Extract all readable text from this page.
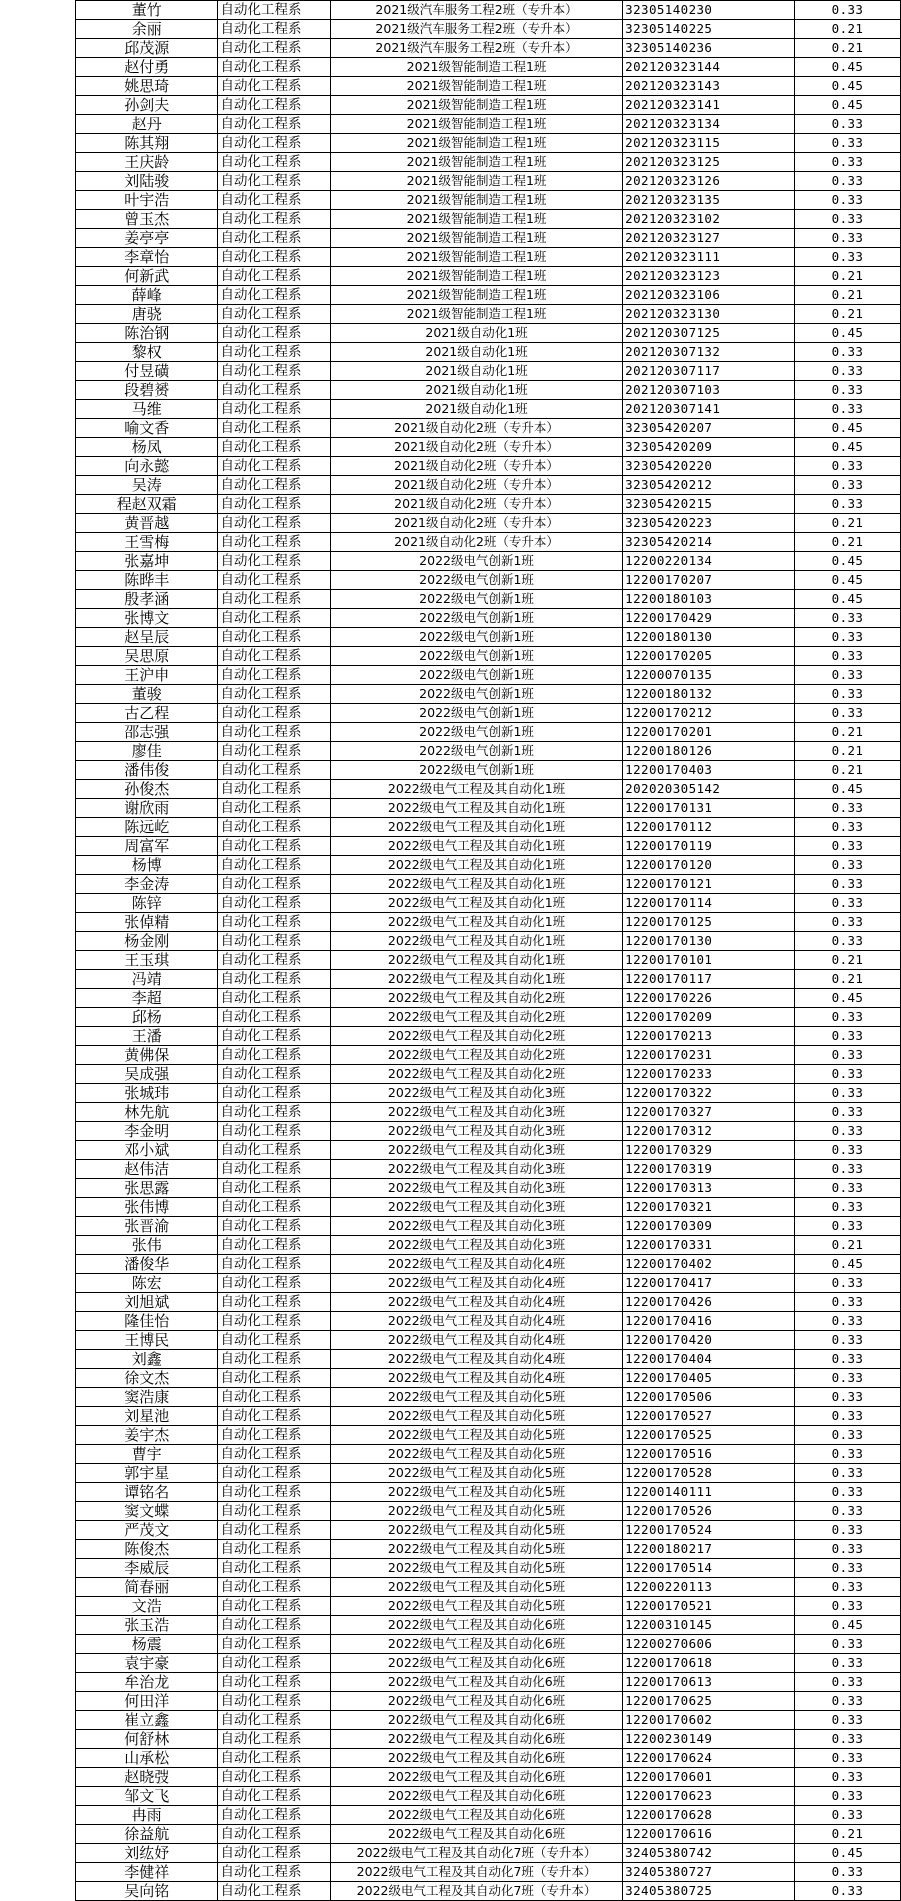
董竹	自动化工程系	2021级汽车服务工程2班（专升本）	32305140230	0.33
余丽	自动化工程系	2021级汽车服务工程2班（专升本）	32305140225	0.21
邱茂源	自动化工程系	2021级汽车服务工程2班（专升本）	32305140236	0.21
赵付勇	自动化工程系	2021级智能制造工程1班	202120323144	0.45
姚思琦	自动化工程系	2021级智能制造工程1班	202120323143	0.45
孙剑夫	自动化工程系	2021级智能制造工程1班	202120323141	0.45
赵丹	自动化工程系	2021级智能制造工程1班	202120323134	0.33
陈其翔	自动化工程系	2021级智能制造工程1班	202120323115	0.33
王庆龄	自动化工程系	2021级智能制造工程1班	202120323125	0.33
刘陆骏	自动化工程系	2021级智能制造工程1班	202120323126	0.33
叶宇浩	自动化工程系	2021级智能制造工程1班	202120323135	0.33
曾玉杰	自动化工程系	2021级智能制造工程1班	202120323102	0.33
姜亭亭	自动化工程系	2021级智能制造工程1班	202120323127	0.33
李章怡	自动化工程系	2021级智能制造工程1班	202120323111	0.33
何新武	自动化工程系	2021级智能制造工程1班	202120323123	0.21
薛峰	自动化工程系	2021级智能制造工程1班	202120323106	0.21
唐骁	自动化工程系	2021级智能制造工程1班	202120323130	0.21
陈治钢	自动化工程系	2021级自动化1班	202120307125	0.45
黎权	自动化工程系	2021级自动化1班	202120307132	0.33
付昱磺	自动化工程系	2021级自动化1班	202120307117	0.33
段碧赟	自动化工程系	2021级自动化1班	202120307103	0.33
马维	自动化工程系	2021级自动化1班	202120307141	0.33
喻文香	自动化工程系	2021级自动化2班（专升本）	32305420207	0.45
杨凤	自动化工程系	2021级自动化2班（专升本）	32305420209	0.45
向永懿	自动化工程系	2021级自动化2班（专升本）	32305420220	0.33
吴涛	自动化工程系	2021级自动化2班（专升本）	32305420212	0.33
程赵双霜	自动化工程系	2021级自动化2班（专升本）	32305420215	0.33
黄晋越	自动化工程系	2021级自动化2班（专升本）	32305420223	0.21
王雪梅	自动化工程系	2021级自动化2班（专升本）	32305420214	0.21
张嘉坤	自动化工程系	2022级电气创新1班	12200220134	0.45
陈晔丰	自动化工程系	2022级电气创新1班	12200170207	0.45
殷孝涵	自动化工程系	2022级电气创新1班	12200180103	0.45
张博文	自动化工程系	2022级电气创新1班	12200170429	0.33
赵呈辰	自动化工程系	2022级电气创新1班	12200180130	0.33
吴思原	自动化工程系	2022级电气创新1班	12200170205	0.33
王沪申	自动化工程系	2022级电气创新1班	12200070135	0.33
董骏	自动化工程系	2022级电气创新1班	12200180132	0.33
古乙程	自动化工程系	2022级电气创新1班	12200170212	0.33
邵志强	自动化工程系	2022级电气创新1班	12200170201	0.21
廖佳	自动化工程系	2022级电气创新1班	12200180126	0.21
潘伟俊	自动化工程系	2022级电气创新1班	12200170403	0.21
孙俊杰	自动化工程系	2022级电气工程及其自动化1班	202020305142	0.45
谢欣雨	自动化工程系	2022级电气工程及其自动化1班	12200170131	0.33
陈远屹	自动化工程系	2022级电气工程及其自动化1班	12200170112	0.33
周富军	自动化工程系	2022级电气工程及其自动化1班	12200170119	0.33
杨博	自动化工程系	2022级电气工程及其自动化1班	12200170120	0.33
李金涛	自动化工程系	2022级电气工程及其自动化1班	12200170121	0.33
陈锌	自动化工程系	2022级电气工程及其自动化1班	12200170114	0.33
张倬精	自动化工程系	2022级电气工程及其自动化1班	12200170125	0.33
杨金刚	自动化工程系	2022级电气工程及其自动化1班	12200170130	0.33
王玉琪	自动化工程系	2022级电气工程及其自动化1班	12200170101	0.21
冯靖	自动化工程系	2022级电气工程及其自动化1班	12200170117	0.21
李超	自动化工程系	2022级电气工程及其自动化2班	12200170226	0.45
邱杨	自动化工程系	2022级电气工程及其自动化2班	12200170209	0.33
王潘	自动化工程系	2022级电气工程及其自动化2班	12200170213	0.33
黄佛保	自动化工程系	2022级电气工程及其自动化2班	12200170231	0.33
吴成强	自动化工程系	2022级电气工程及其自动化2班	12200170233	0.33
张城玮	自动化工程系	2022级电气工程及其自动化3班	12200170322	0.33
林先航	自动化工程系	2022级电气工程及其自动化3班	12200170327	0.33
李金明	自动化工程系	2022级电气工程及其自动化3班	12200170312	0.33
邓小斌	自动化工程系	2022级电气工程及其自动化3班	12200170329	0.33
赵伟洁	自动化工程系	2022级电气工程及其自动化3班	12200170319	0.33
张思露	自动化工程系	2022级电气工程及其自动化3班	12200170313	0.33
张伟博	自动化工程系	2022级电气工程及其自动化3班	12200170321	0.33
张晋渝	自动化工程系	2022级电气工程及其自动化3班	12200170309	0.33
张伟	自动化工程系	2022级电气工程及其自动化3班	12200170331	0.21
潘俊华	自动化工程系	2022级电气工程及其自动化4班	12200170402	0.45
陈宏	自动化工程系	2022级电气工程及其自动化4班	12200170417	0.33
刘旭斌	自动化工程系	2022级电气工程及其自动化4班	12200170426	0.33
隆佳怡	自动化工程系	2022级电气工程及其自动化4班	12200170416	0.33
王博民	自动化工程系	2022级电气工程及其自动化4班	12200170420	0.33
刘鑫	自动化工程系	2022级电气工程及其自动化4班	12200170404	0.33
徐文杰	自动化工程系	2022级电气工程及其自动化4班	12200170405	0.33
窦浩康	自动化工程系	2022级电气工程及其自动化5班	12200170506	0.33
刘星池	自动化工程系	2022级电气工程及其自动化5班	12200170527	0.33
姜宇杰	自动化工程系	2022级电气工程及其自动化5班	12200170525	0.33
曹宇	自动化工程系	2022级电气工程及其自动化5班	12200170516	0.33
郭宇星	自动化工程系	2022级电气工程及其自动化5班	12200170528	0.33
谭铭名	自动化工程系	2022级电气工程及其自动化5班	12200140111	0.33
窦文蝶	自动化工程系	2022级电气工程及其自动化5班	12200170526	0.33
严茂文	自动化工程系	2022级电气工程及其自动化5班	12200170524	0.33
陈俊杰	自动化工程系	2022级电气工程及其自动化5班	12200180217	0.33
李威辰	自动化工程系	2022级电气工程及其自动化5班	12200170514	0.33
简春丽	自动化工程系	2022级电气工程及其自动化5班	12200220113	0.33
文浩	自动化工程系	2022级电气工程及其自动化5班	12200170521	0.33
张玉浩	自动化工程系	2022级电气工程及其自动化6班	12200310145	0.45
杨震	自动化工程系	2022级电气工程及其自动化6班	12200270606	0.33
袁宇豪	自动化工程系	2022级电气工程及其自动化6班	12200170618	0.33
牟治龙	自动化工程系	2022级电气工程及其自动化6班	12200170613	0.33
何田洋	自动化工程系	2022级电气工程及其自动化6班	12200170625	0.33
崔立鑫	自动化工程系	2022级电气工程及其自动化6班	12200170602	0.33
何舒林	自动化工程系	2022级电气工程及其自动化6班	12200230149	0.33
山承松	自动化工程系	2022级电气工程及其自动化6班	12200170624	0.33
赵晓弢	自动化工程系	2022级电气工程及其自动化6班	12200170601	0.33
邹文飞	自动化工程系	2022级电气工程及其自动化6班	12200170623	0.33
冉雨	自动化工程系	2022级电气工程及其自动化6班	12200170628	0.33
徐益航	自动化工程系	2022级电气工程及其自动化6班	12200170616	0.21
刘纮妤	自动化工程系	2022级电气工程及其自动化7班（专升本）	32405380742	0.45
李健祥	自动化工程系	2022级电气工程及其自动化7班（专升本）	32405380727	0.33
吴向铭	自动化工程系	2022级电气工程及其自动化7班（专升本）	32405380725	0.33
